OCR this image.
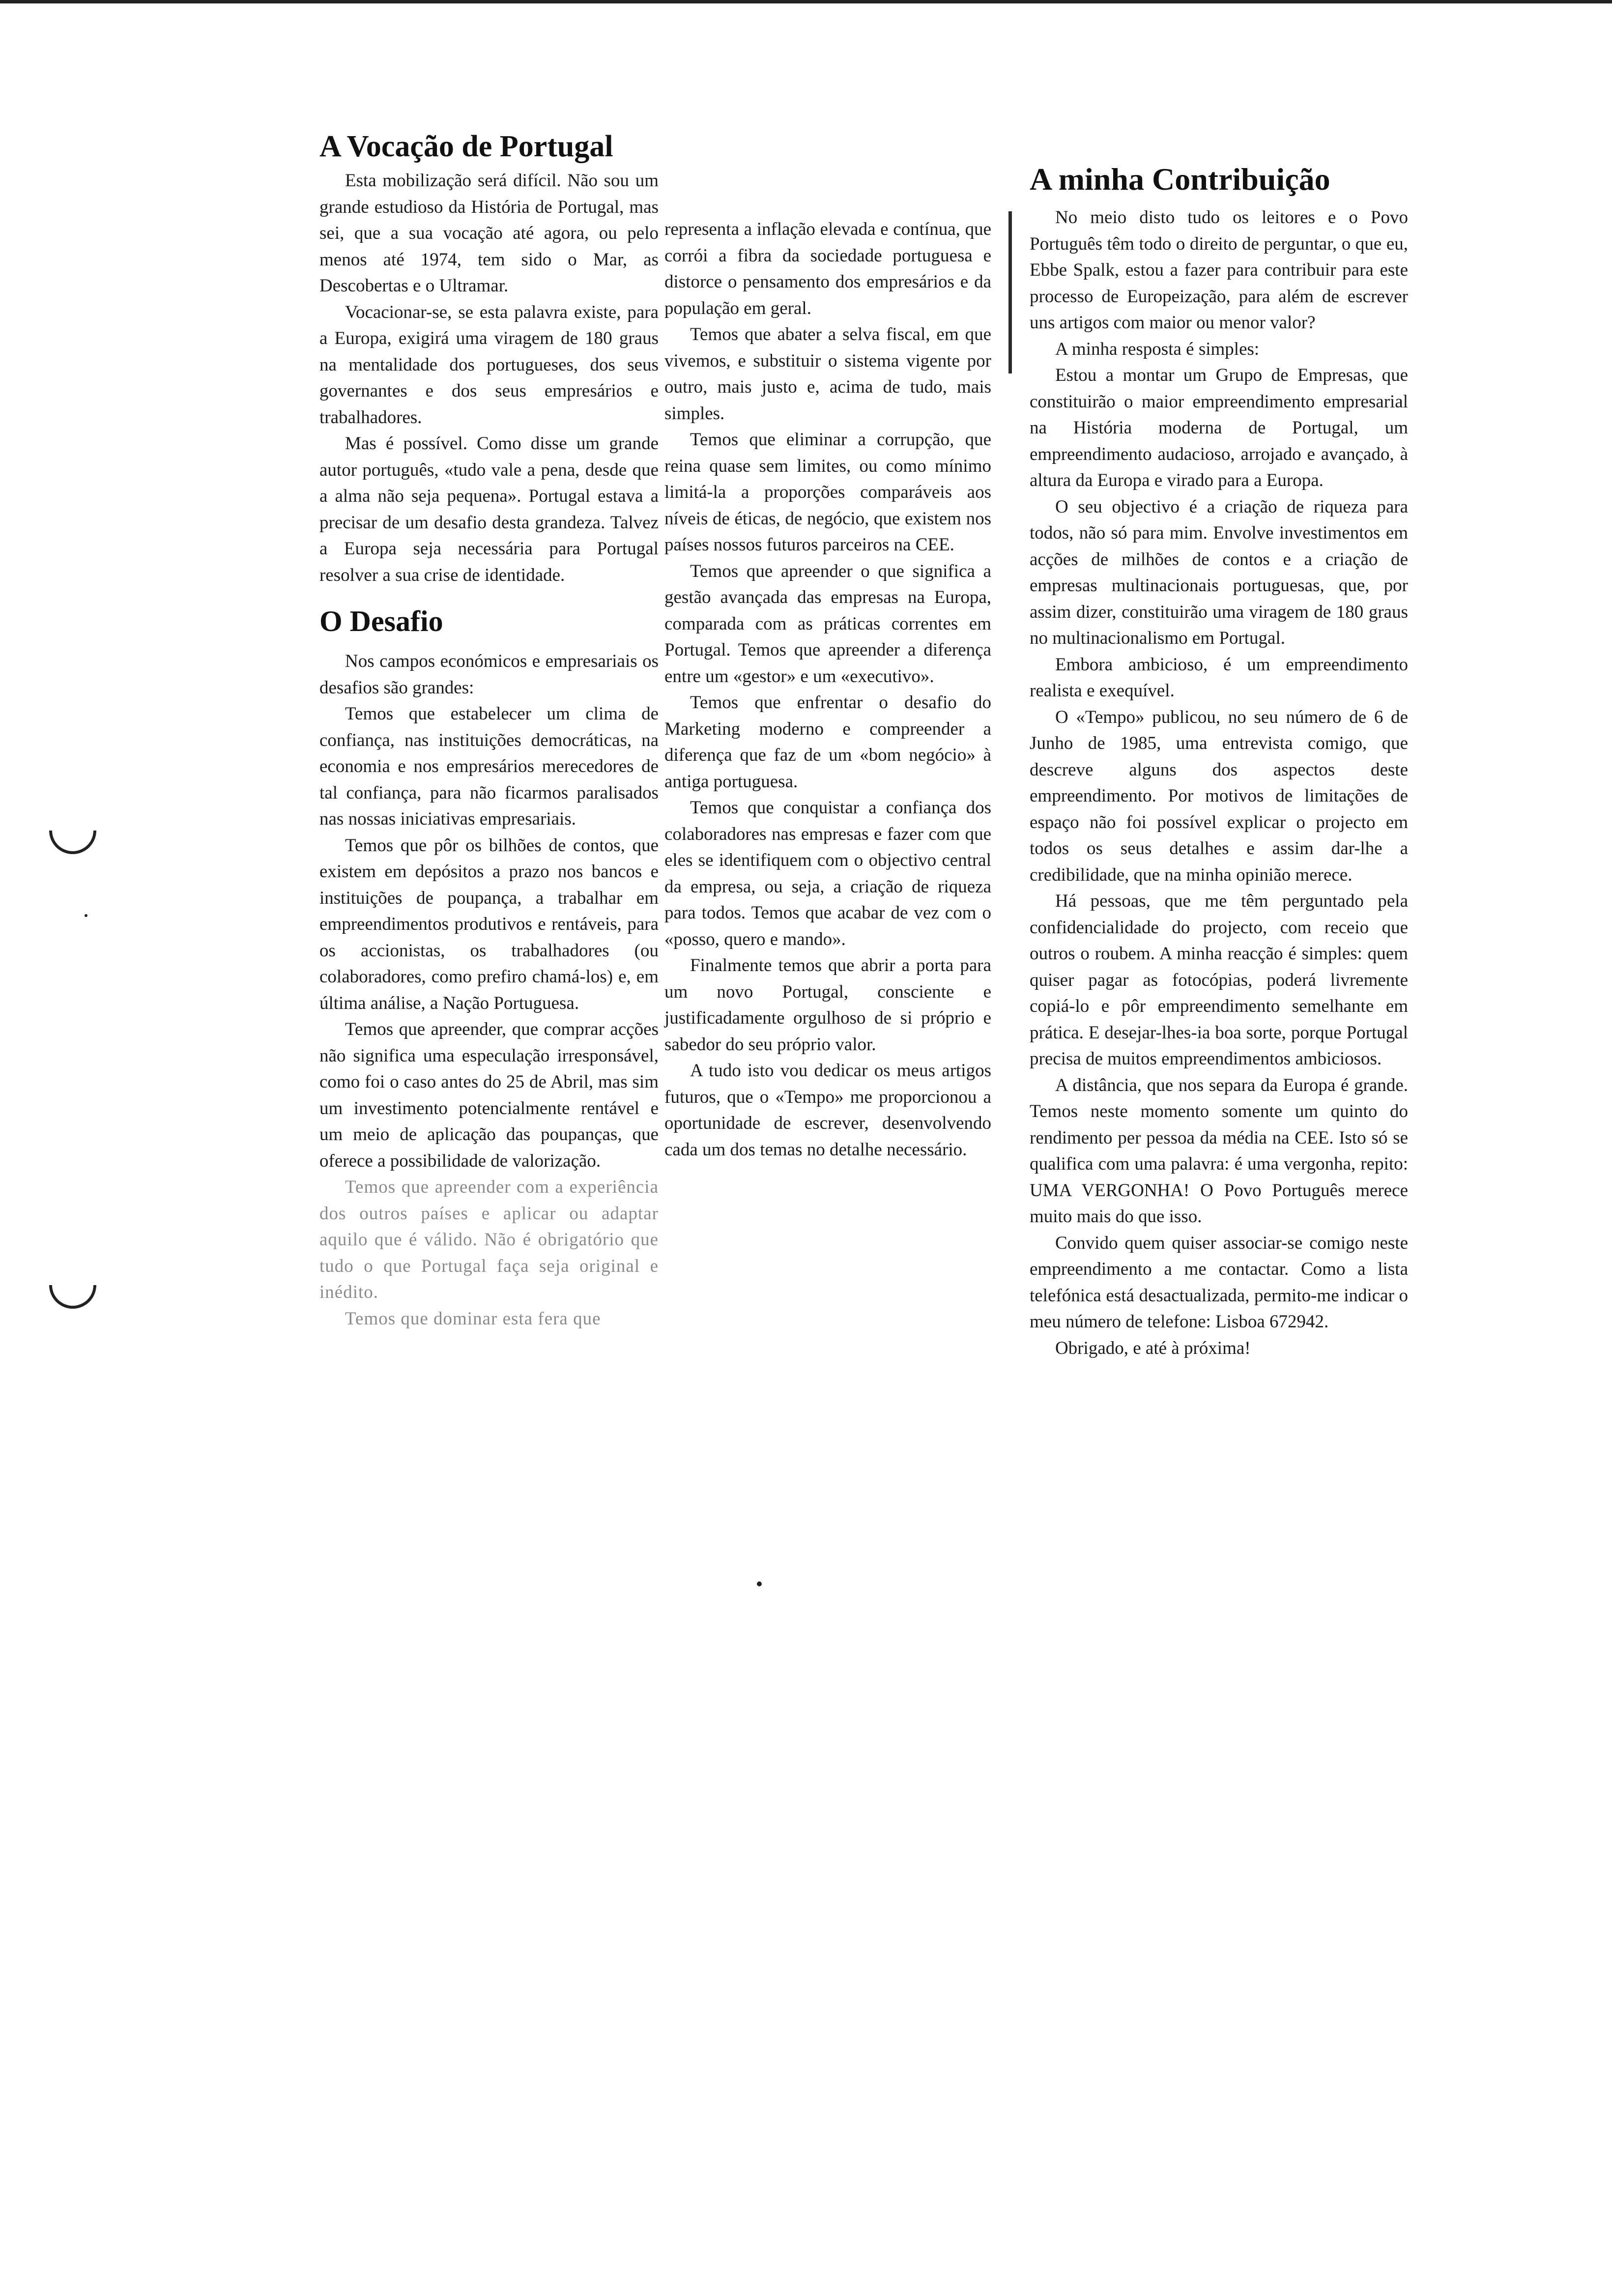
A Vocação de Portugal

Esta mobilização será difícil. Não sou um grande estudioso da História de Portugal, mas sei, que a sua vocação até agora, ou pelo menos até 1974, tem sido o Mar, as Descobertas e o Ultramar.

Vocacionar-se, se esta palavra existe, para a Europa, exigirá uma viragem de 180 graus na mentalidade dos portugueses, dos seus governantes e dos seus empresários e trabalhadores.

Mas é possível. Como disse um grande autor português, «tudo vale a pena, desde que a alma não seja pequena». Portugal estava a precisar de um desafio desta grandeza. Talvez a Europa seja necessária para Portugal resolver a sua crise de identidade.

O Desafio

Nos campos económicos e empresariais os desafios são grandes:

Temos que estabelecer um clima de confiança, nas instituições democráticas, na economia e nos empresários merecedores de tal confiança, para não ficarmos paralisados nas nossas iniciativas empresariais.

Temos que pôr os bilhões de contos, que existem em depósitos a prazo nos bancos e instituições de poupança, a trabalhar em empreendimentos produtivos e rentáveis, para os accionistas, os trabalhadores (ou colaboradores, como prefiro chamá-los) e, em última análise, a Nação Portuguesa.

Temos que apreender, que comprar acções não significa uma especulação irresponsável, como foi o caso antes do 25 de Abril, mas sim um investimento potencialmente rentável e um meio de aplicação das poupanças, que oferece a possibilidade de valorização.

Temos que apreender com a experiência dos outros países e aplicar ou adaptar aquilo que é válido. Não é obrigatório que tudo o que Portugal faça seja original e inédito.

Temos que dominar esta fera que

representa a inflação elevada e contínua, que corrói a fibra da sociedade portuguesa e distorce o pensamento dos empresários e da população em geral.

Temos que abater a selva fiscal, em que vivemos, e substituir o sistema vigente por outro, mais justo e, acima de tudo, mais simples.

Temos que eliminar a corrupção, que reina quase sem limites, ou como mínimo limitá-la a proporções comparáveis aos níveis de éticas, de negócio, que existem nos países nossos futuros parceiros na CEE.

Temos que apreender o que significa a gestão avançada das empresas na Europa, comparada com as práticas correntes em Portugal. Temos que apreender a diferença entre um «gestor» e um «executivo».

Temos que enfrentar o desafio do Marketing moderno e compreender a diferença que faz de um «bom negócio» à antiga portuguesa.

Temos que conquistar a confiança dos colaboradores nas empresas e fazer com que eles se identifiquem com o objectivo central da empresa, ou seja, a criação de riqueza para todos. Temos que acabar de vez com o «posso, quero e mando».

Finalmente temos que abrir a porta para um novo Portugal, consciente e justificadamente orgulhoso de si próprio e sabedor do seu próprio valor.

A tudo isto vou dedicar os meus artigos futuros, que o «Tempo» me proporcionou a oportunidade de escrever, desenvolvendo cada um dos temas no detalhe necessário.

A minha Contribuição

No meio disto tudo os leitores e o Povo Português têm todo o direito de perguntar, o que eu, Ebbe Spalk, estou a fazer para contribuir para este processo de Europeização, para além de escrever uns artigos com maior ou menor valor?

A minha resposta é simples:

Estou a montar um Grupo de Empresas, que constituirão o maior empreendimento empresarial na História moderna de Portugal, um empreendimento audacioso, arrojado e avançado, à altura da Europa e virado para a Europa.

O seu objectivo é a criação de riqueza para todos, não só para mim. Envolve investimentos em acções de milhões de contos e a criação de empresas multinacionais portuguesas, que, por assim dizer, constituirão uma viragem de 180 graus no multinacionalismo em Portugal.

Embora ambicioso, é um empreendimento realista e exequível.

O «Tempo» publicou, no seu número de 6 de Junho de 1985, uma entrevista comigo, que descreve alguns dos aspectos deste empreendimento. Por motivos de limitações de espaço não foi possível explicar o projecto em todos os seus detalhes e assim dar-lhe a credibilidade, que na minha opinião merece.

Há pessoas, que me têm perguntado pela confidencialidade do projecto, com receio que outros o roubem. A minha reacção é simples: quem quiser pagar as fotocópias, poderá livremente copiá-lo e pôr empreendimento semelhante em prática. E desejar-lhes-ia boa sorte, porque Portugal precisa de muitos empreendimentos ambiciosos.

A distância, que nos separa da Europa é grande. Temos neste momento somente um quinto do rendimento per pessoa da média na CEE. Isto só se qualifica com uma palavra: é uma vergonha, repito: UMA VERGONHA! O Povo Português merece muito mais do que isso.

Convido quem quiser associar-se comigo neste empreendimento a me contactar. Como a lista telefónica está desactualizada, permito-me indicar o meu número de telefone: Lisboa 672942.

Obrigado, e até à próxima!
